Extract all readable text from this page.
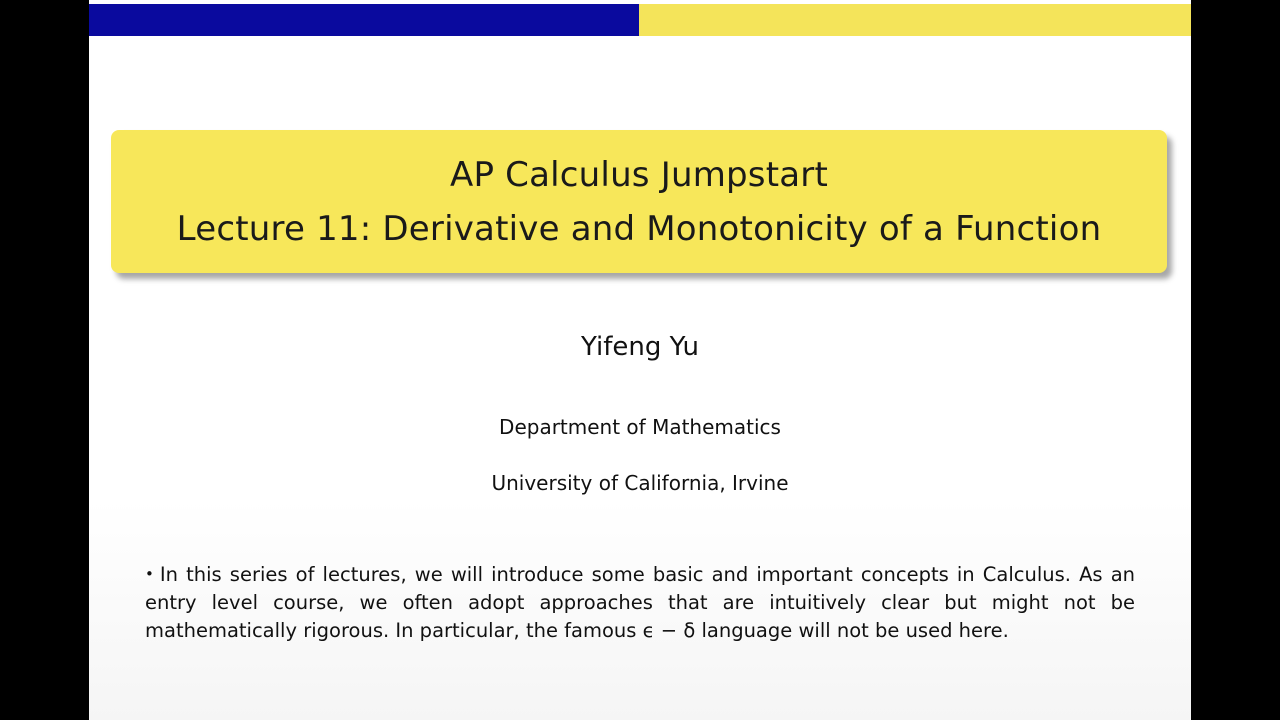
AP Calculus Jumpstart
Lecture 11: Derivative and Monotonicity of a Function
Yifeng Yu
Department of Mathematics
University of California, Irvine
• In this series of lectures, we will introduce some basic and important concepts in Calculus. As an entry level course, we often adopt approaches that are intuitively clear but might not be mathematically rigorous. In particular, the famous ϵ − δ language will not be used here.
